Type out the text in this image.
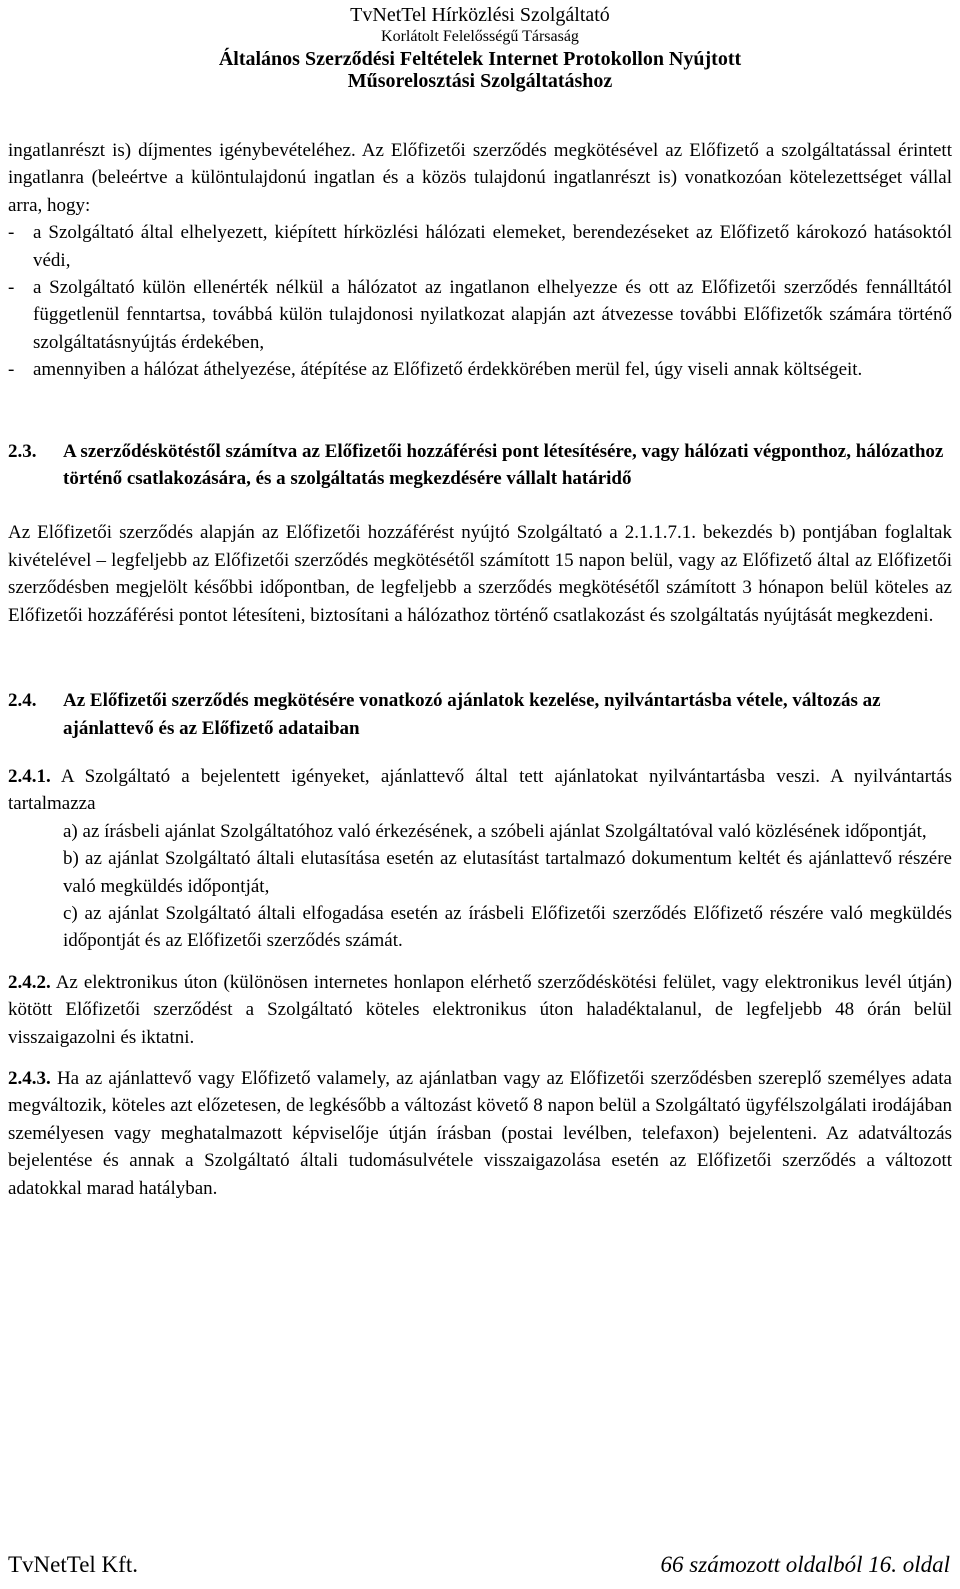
TvNetTel Hírközlési Szolgáltató
Korlátolt Felelősségű Társaság
Általános Szerződési Feltételek Internet Protokollon Nyújtott
Műsorelosztási Szolgáltatáshoz

ingatlanrészt is) díjmentes igénybevételéhez. Az Előfizetői szerződés megkötésével az Előfizető a szolgáltatással érintett ingatlanra (beleértve a különtulajdonú ingatlan és a közös tulajdonú ingatlanrészt is) vonatkozóan kötelezettséget vállal arra, hogy:

- a Szolgáltató által elhelyezett, kiépített hírközlési hálózati elemeket, berendezéseket az Előfizető károkozó hatásoktól védi,
- a Szolgáltató külön ellenérték nélkül a hálózatot az ingatlanon elhelyezze és ott az Előfizetői szerződés fennálltától függetlenül fenntartsa, továbbá külön tulajdonosi nyilatkozat alapján azt átvezesse további Előfizetők számára történő szolgáltatásnyújtás érdekében,
- amennyiben a hálózat áthelyezése, átépítése az Előfizető érdekkörében merül fel, úgy viseli annak költségeit.
2.3.	A szerződéskötéstől számítva az Előfizetői hozzáférési pont létesítésére, vagy hálózati végponthoz, hálózathoz történő csatlakozására, és a szolgáltatás megkezdésére vállalt határidő

Az Előfizetői szerződés alapján az Előfizetői hozzáférést nyújtó Szolgáltató a 2.1.1.7.1. bekezdés b) pontjában foglaltak kivételével – legfeljebb az Előfizetői szerződés megkötésétől számított 15 napon belül, vagy az Előfizető által az Előfizetői szerződésben megjelölt későbbi időpontban, de legfeljebb a szerződés megkötésétől számított 3 hónapon belül köteles az Előfizetői hozzáférési pontot létesíteni, biztosítani a hálózathoz történő csatlakozást és szolgáltatás nyújtását megkezdeni.

2.4.	Az Előfizetői szerződés megkötésére vonatkozó ajánlatok kezelése, nyilvántartásba vétele, változás az ajánlattevő és az Előfizető adataiban

2.4.1. A Szolgáltató a bejelentett igényeket, ajánlattevő által tett ajánlatokat nyilvántartásba veszi. A nyilvántartás tartalmazza

a) az írásbeli ajánlat Szolgáltatóhoz való érkezésének, a szóbeli ajánlat Szolgáltatóval való közlésének időpontját,

b) az ajánlat Szolgáltató általi elutasítása esetén az elutasítást tartalmazó dokumentum keltét és ajánlattevő részére való megküldés időpontját,

c) az ajánlat Szolgáltató általi elfogadása esetén az írásbeli Előfizetői szerződés Előfizető részére való megküldés időpontját és az Előfizetői szerződés számát.

2.4.2. Az elektronikus úton (különösen internetes honlapon elérhető szerződéskötési felület, vagy elektronikus levél útján) kötött Előfizetői szerződést a Szolgáltató köteles elektronikus úton haladéktalanul, de legfeljebb 48 órán belül visszaigazolni és iktatni.

2.4.3. Ha az ajánlattevő vagy Előfizető valamely, az ajánlatban vagy az Előfizetői szerződésben szereplő személyes adata megváltozik, köteles azt előzetesen, de legkésőbb a változást követő 8 napon belül a Szolgáltató ügyfélszolgálati irodájában személyesen vagy meghatalmazott képviselője útján írásban (postai levélben, telefaxon) bejelenteni. Az adatváltozás bejelentése és annak a Szolgáltató általi tudomásulvétele visszaigazolása esetén az Előfizetői szerződés a változott adatokkal marad hatályban.

TvNetTel Kft.	66 számozott oldalból 16. oldal
